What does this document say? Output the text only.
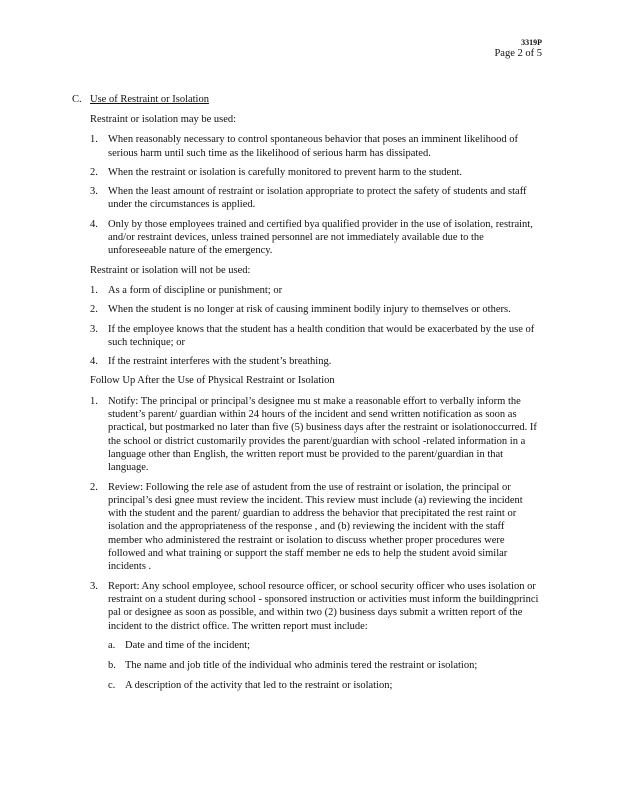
3319P
Page 2 of 5
C. Use of Restraint or Isolation

Restraint or isolation may be used:

1. When reasonably necessary to control spontaneous behavior that poses an imminent likelihood of serious harm until such time as the likelihood of serious harm has dissipated.
2. When the restraint or isolation is carefully monitored to prevent harm to the student.
3. When the least amount of restraint or isolation appropriate to protect the safety of students and staff under the circumstances is applied.
4. Only by those employees trained and certified bya qualified provider in the use of isolation, restraint, and/or restraint devices, unless trained personnel are not immediately available due to the unforeseeable nature of the emergency.

Restraint or isolation will not be used:

1. As a form of discipline or punishment; or
2. When the student is no longer at risk of causing imminent bodily injury to themselves or others.
3. If the employee knows that the student has a health condition that would be exacerbated by the use of such technique; or
4. If the restraint interferes with the student’s breathing.

Follow Up After the Use of Physical Restraint or Isolation

1. Notify: The principal or principal’s designee mu st make a reasonable effort to verbally inform the student’s parent/ guardian within 24 hours of the incident and send written notification as soon as practical, but postmarked no later than five (5) business days after the restraint or isolationoccurred. If the school or district customarily provides the parent/guardian with school -related information in a language other than English, the written report must be provided to the parent/guardian in that language.
2. Review: Following the rele ase of astudent from the use of restraint or isolation, the principal or principal’s desi gnee must review the incident. This review must include (a) reviewing the incident with the student and the parent/ guardian to address the behavior that precipitated the rest raint or isolation and the appropriateness of the response , and (b) reviewing the incident with the staff member who administered the restraint or isolation to discuss whether proper procedures were followed and what training or support the staff member ne eds to help the student avoid similar incidents .
3. Report: Any school employee, school resource officer, or school security officer who uses isolation or restraint on a student during school - sponsored instruction or activities must inform the buildingprinci pal or designee as soon as possible, and within two (2) business days submit a written report of the incident to the district office. The written report must include:
a. Date and time of the incident;
b. The name and job title of the individual who adminis tered the restraint or isolation;
c. A description of the activity that led to the restraint or isolation;
